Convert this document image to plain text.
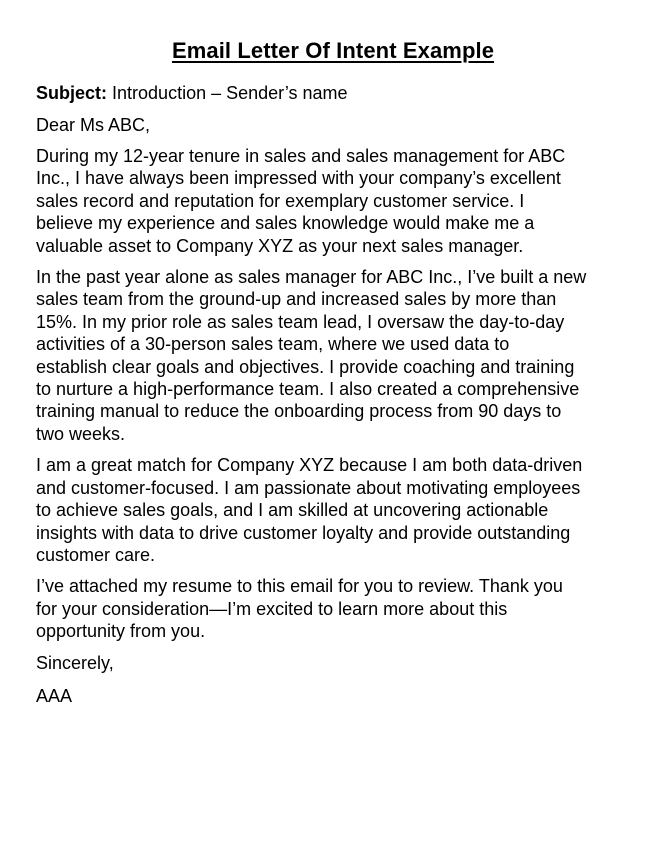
Email Letter Of Intent Example
Subject: Introduction – Sender’s name
Dear Ms ABC,
During my 12-year tenure in sales and sales management for ABC
Inc., I have always been impressed with your company’s excellent
sales record and reputation for exemplary customer service. I
believe my experience and sales knowledge would make me a
valuable asset to Company XYZ as your next sales manager.
In the past year alone as sales manager for ABC Inc., I’ve built a new
sales team from the ground-up and increased sales by more than
15%. In my prior role as sales team lead, I oversaw the day-to-day
activities of a 30-person sales team, where we used data to
establish clear goals and objectives. I provide coaching and training
to nurture a high-performance team. I also created a comprehensive
training manual to reduce the onboarding process from 90 days to
two weeks.
I am a great match for Company XYZ because I am both data-driven
and customer-focused. I am passionate about motivating employees
to achieve sales goals, and I am skilled at uncovering actionable
insights with data to drive customer loyalty and provide outstanding
customer care.
I’ve attached my resume to this email for you to review. Thank you
for your consideration—I’m excited to learn more about this
opportunity from you.
Sincerely,
AAA
